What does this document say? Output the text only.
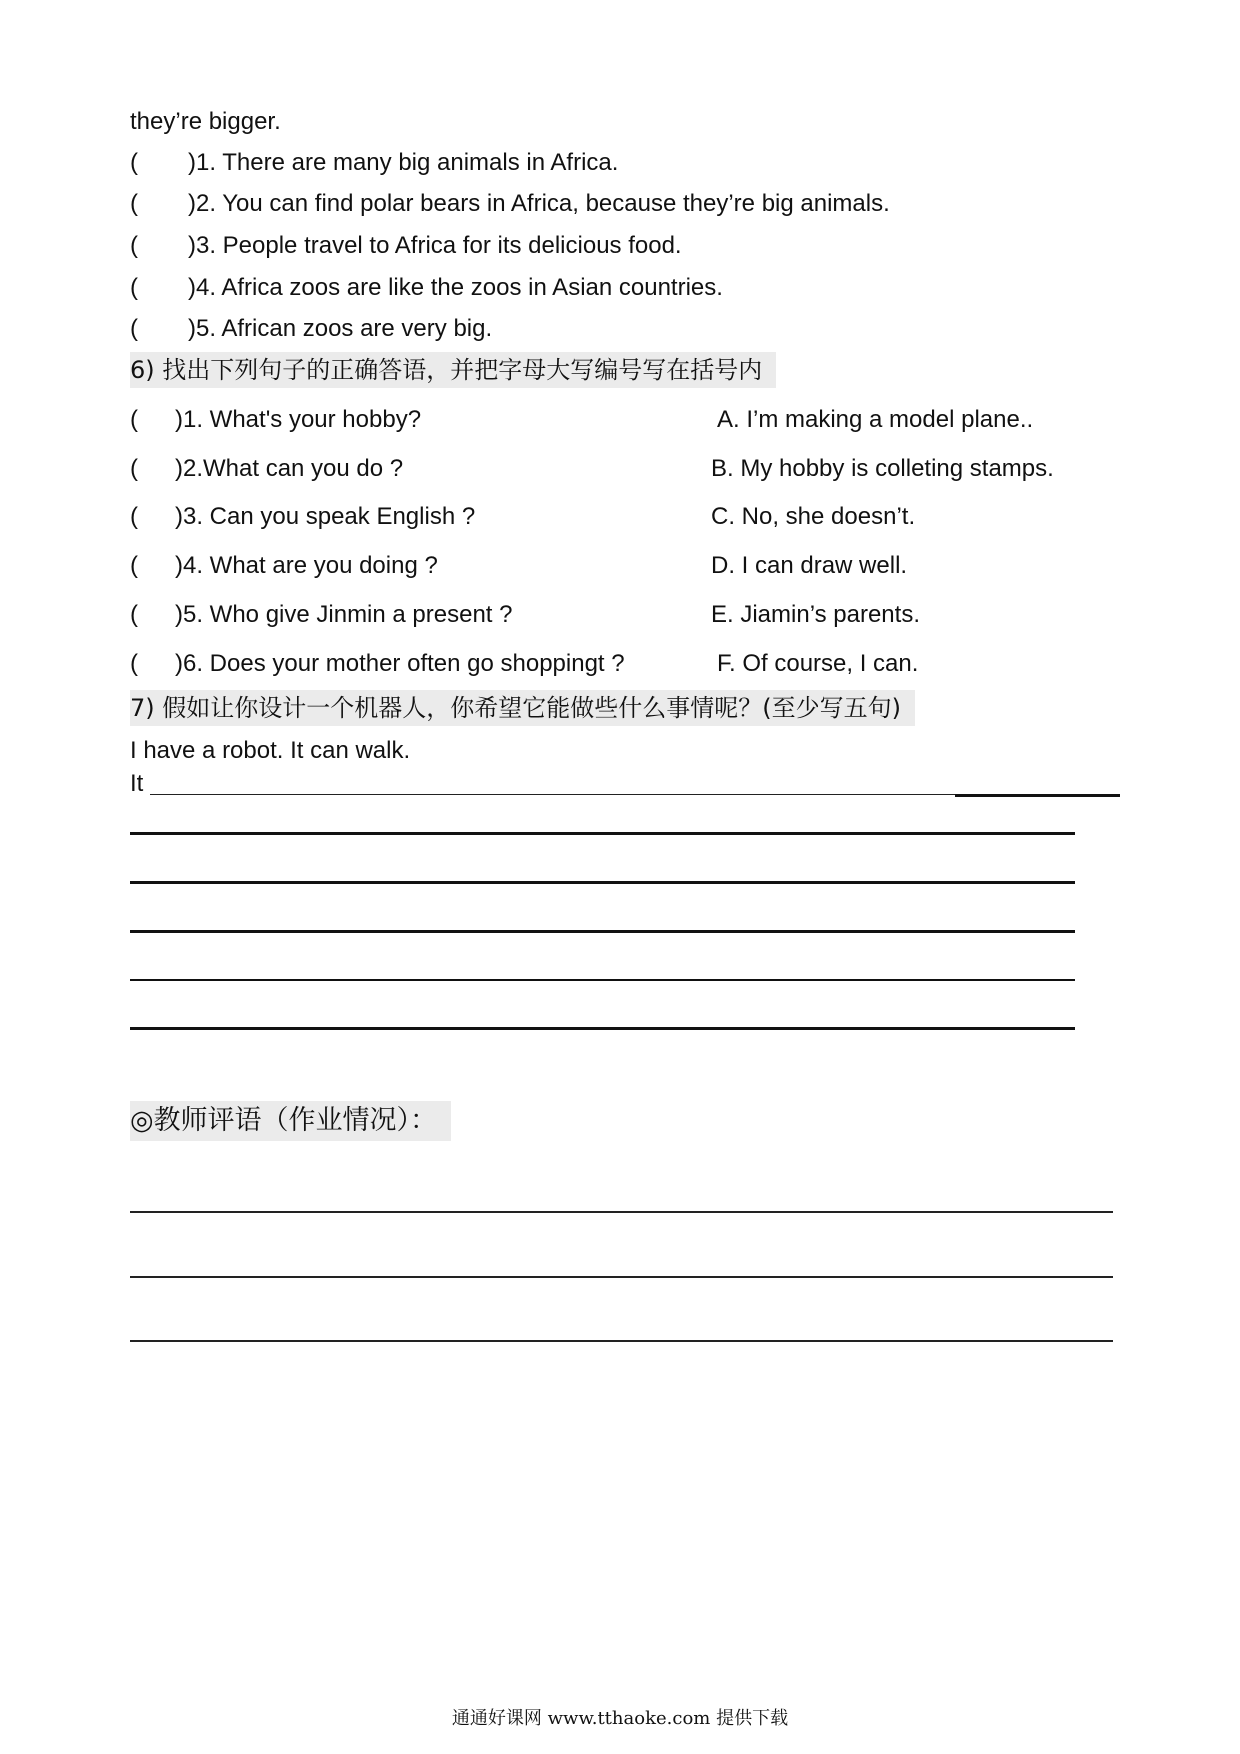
they’re bigger.
( )1. There are many big animals in Africa.
( )2. You can find polar bears in Africa, because they’re big animals.
( )3. People travel to Africa for its delicious food.
( )4. Africa zoos are like the zoos in Asian countries.
( )5. African zoos are very big.
6) 找出下列句子的正确答语，并把字母大写编号写在括号内
( )1. What's your hobby?	A. I’m making a model plane..
( )2.What can you do ?	B. My hobby is colleting stamps.
( )3. Can you speak English ?	C. No, she doesn’t.
( )4. What are you doing ?	D. I can draw well.
( )5. Who give Jinmin a present ?	E. Jiamin’s parents.
( )6. Does your mother often go shoppingt ?	F. Of course, I can.
7) 假如让你设计一个机器人，你希望它能做些什么事情呢？(至少写五句)
I have a robot. It can walk.
It
◎教师评语（作业情况）：
通通好课网 www.tthaoke.com 提供下载
